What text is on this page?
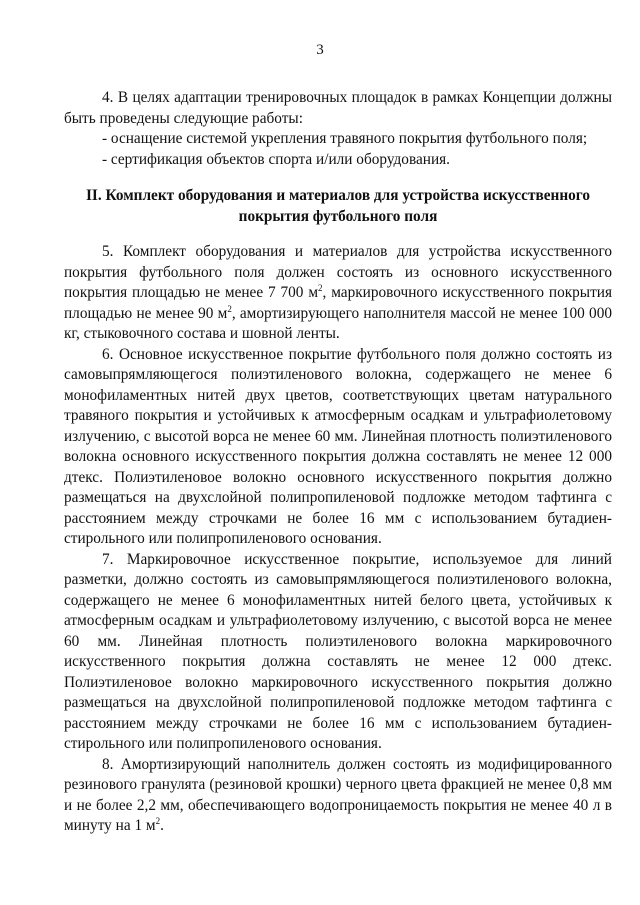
3

4. В целях адаптации тренировочных площадок в рамках Концепции должны быть проведены следующие работы:

- оснащение системой укрепления травяного покрытия футбольного поля;

- сертификация объектов спорта и/или оборудования.

II. Комплект оборудования и материалов для устройства искусственного
покрытия футбольного поля

5. Комплект оборудования и материалов для устройства искусственного покрытия футбольного поля должен состоять из основного искусственного покрытия площадью не менее 7 700 $м^2$, маркировочного искусственного покрытия площадью не менее 90 $м^2$, амортизирующего наполнителя массой не менее 100 000 кг, стыковочного состава и шовной ленты.

6. Основное искусственное покрытие футбольного поля должно состоять из самовыпрямляющегося полиэтиленового волокна, содержащего не менее 6 монофиламентных нитей двух цветов, соответствующих цветам натурального травяного покрытия и устойчивых к атмосферным осадкам и ультрафиолетовому излучению, с высотой ворса не менее 60 мм. Линейная плотность полиэтиленового волокна основного искусственного покрытия должна составлять не менее 12 000 дтекс. Полиэтиленовое волокно основного искусственного покрытия должно размещаться на двухслойной полипропиленовой подложке методом тафтинга с расстоянием между строчками не более 16 мм с использованием бутадиен-стирольного или полипропиленового основания.

7. Маркировочное искусственное покрытие, используемое для линий разметки, должно состоять из самовыпрямляющегося полиэтиленового волокна, содержащего не менее 6 монофиламентных нитей белого цвета, устойчивых к атмосферным осадкам и ультрафиолетовому излучению, с высотой ворса не менее 60 мм. Линейная плотность полиэтиленового волокна маркировочного искусственного покрытия должна составлять не менее 12 000 дтекс. Полиэтиленовое волокно маркировочного искусственного покрытия должно размещаться на двухслойной полипропиленовой подложке методом тафтинга с расстоянием между строчками не более 16 мм с использованием бутадиен-стирольного или полипропиленового основания.

8. Амортизирующий наполнитель должен состоять из модифицированного резинового гранулята (резиновой крошки) черного цвета фракцией не менее 0,8 мм и не более 2,2 мм, обеспечивающего водопроницаемость покрытия не менее 40 л в минуту на 1 $м^2$.
